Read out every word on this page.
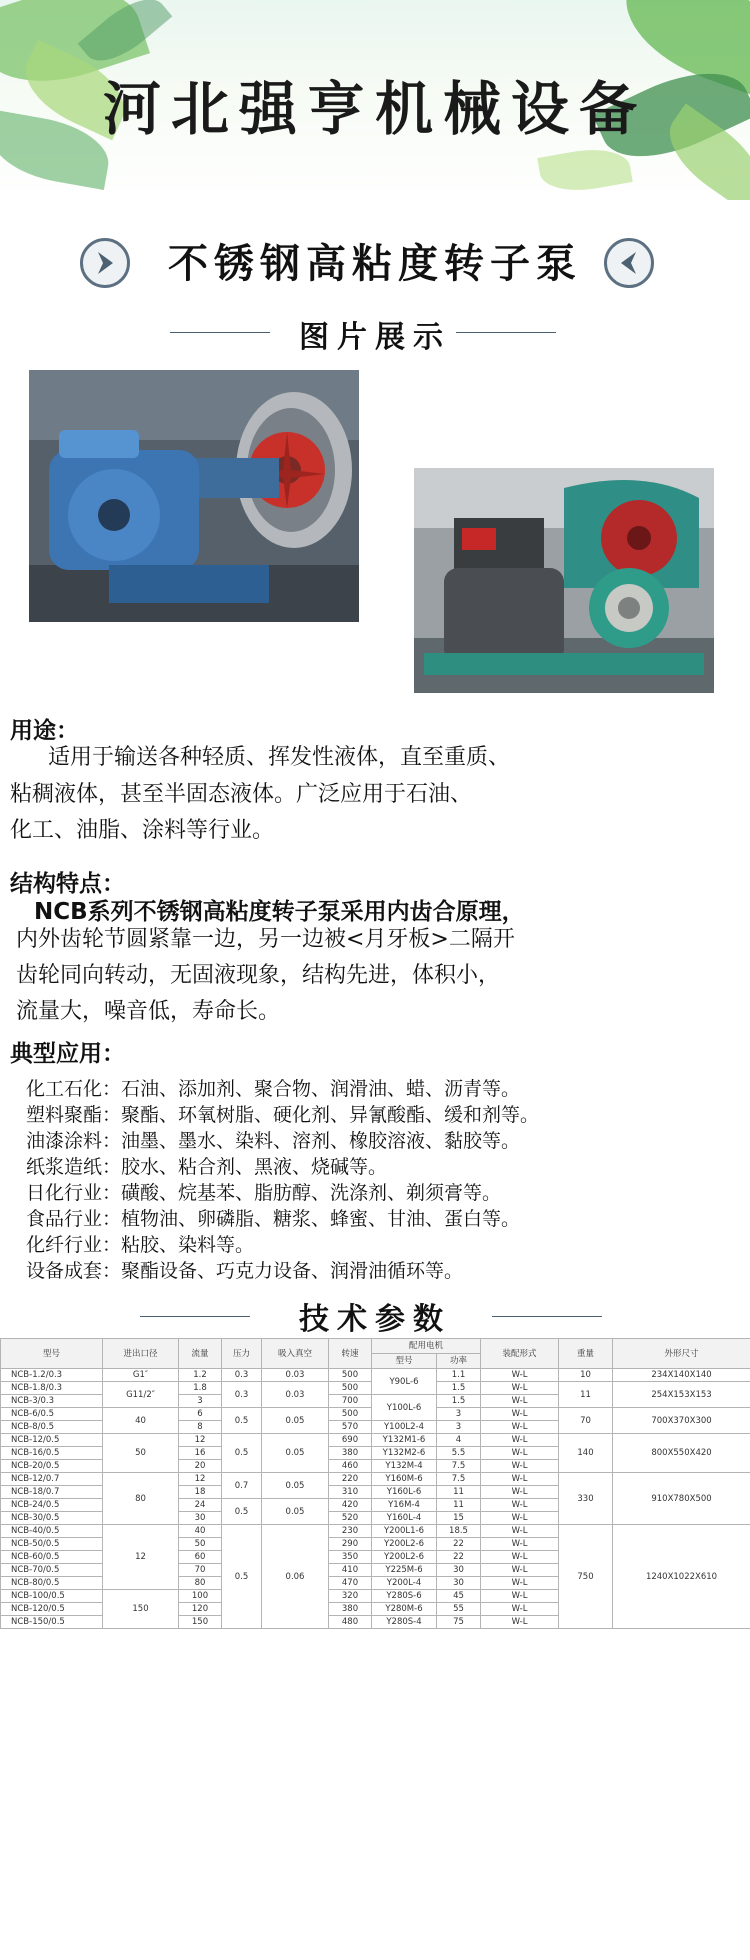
河北强亨机械设备
不锈钢高粘度转子泵
图片展示
用途：
适用于输送各种轻质、挥发性液体，直至重质、
粘稠液体，甚至半固态液体。广泛应用于石油、
化工、油脂、涂料等行业。
结构特点：
NCB系列不锈钢高粘度转子泵采用内齿合原理，
内外齿轮节圆紧靠一边，另一边被<月牙板>二隔开
齿轮同向转动，无固液现象，结构先进，体积小，
流量大，噪音低，寿命长。
典型应用：
化工石化：石油、添加剂、聚合物、润滑油、蜡、沥青等。
塑料聚酯：聚酯、环氧树脂、硬化剂、异氰酸酯、缓和剂等。
油漆涂料：油墨、墨水、染料、溶剂、橡胶溶液、黏胶等。
纸浆造纸：胶水、粘合剂、黑液、烧碱等。
日化行业：磺酸、烷基苯、脂肪醇、洗涤剂、剃须膏等。
食品行业：植物油、卵磷脂、糖浆、蜂蜜、甘油、蛋白等。
化纤行业：粘胶、染料等。
设备成套：聚酯设备、巧克力设备、润滑油循环等。
技术参数
型号	进出口径	流量	压力	吸入真空	转速	配用电机		装配形式	重量	外形尺寸
						型号	功率			
NCB-1.2/0.3	G1″	1.2	0.3	0.03	500	Y90L-6	1.1	W-L	10	234X140X140
NCB-1.8/0.3	G11/2″	1.8	0.3	0.03	500		1.5	W-L	11	254X153X153
NCB-3/0.3		3			700	Y100L-6	1.5	W-L		
NCB-6/0.5	40	6	0.5	0.05	500		3	W-L	70	700X370X300
NCB-8/0.5		8			570	Y100L2-4	3	W-L		
NCB-12/0.5	50	12	0.5	0.05	690	Y132M1-6	4	W-L	140	800X550X420
NCB-16/0.5		16			380	Y132M2-6	5.5	W-L		
NCB-20/0.5		20			460	Y132M-4	7.5	W-L		
NCB-12/0.7	80	12	0.7	0.05	220	Y160M-6	7.5	W-L	330	910X780X500
NCB-18/0.7		18			310	Y160L-6	11	W-L		
NCB-24/0.5		24	0.5	0.05	420	Y16M-4	11	W-L		
NCB-30/0.5		30			520	Y160L-4	15	W-L		
NCB-40/0.5	12	40	0.5	0.06	230	Y200L1-6	18.5	W-L	750	1240X1022X610
NCB-50/0.5		50			290	Y200L2-6	22	W-L		
NCB-60/0.5		60			350	Y200L2-6	22	W-L		
NCB-70/0.5		70			410	Y225M-6	30	W-L		
NCB-80/0.5		80			470	Y200L-4	30	W-L		
NCB-100/0.5	150	100			320	Y280S-6	45	W-L		
NCB-120/0.5		120			380	Y280M-6	55	W-L		
NCB-150/0.5		150			480	Y280S-4	75	W-L		
